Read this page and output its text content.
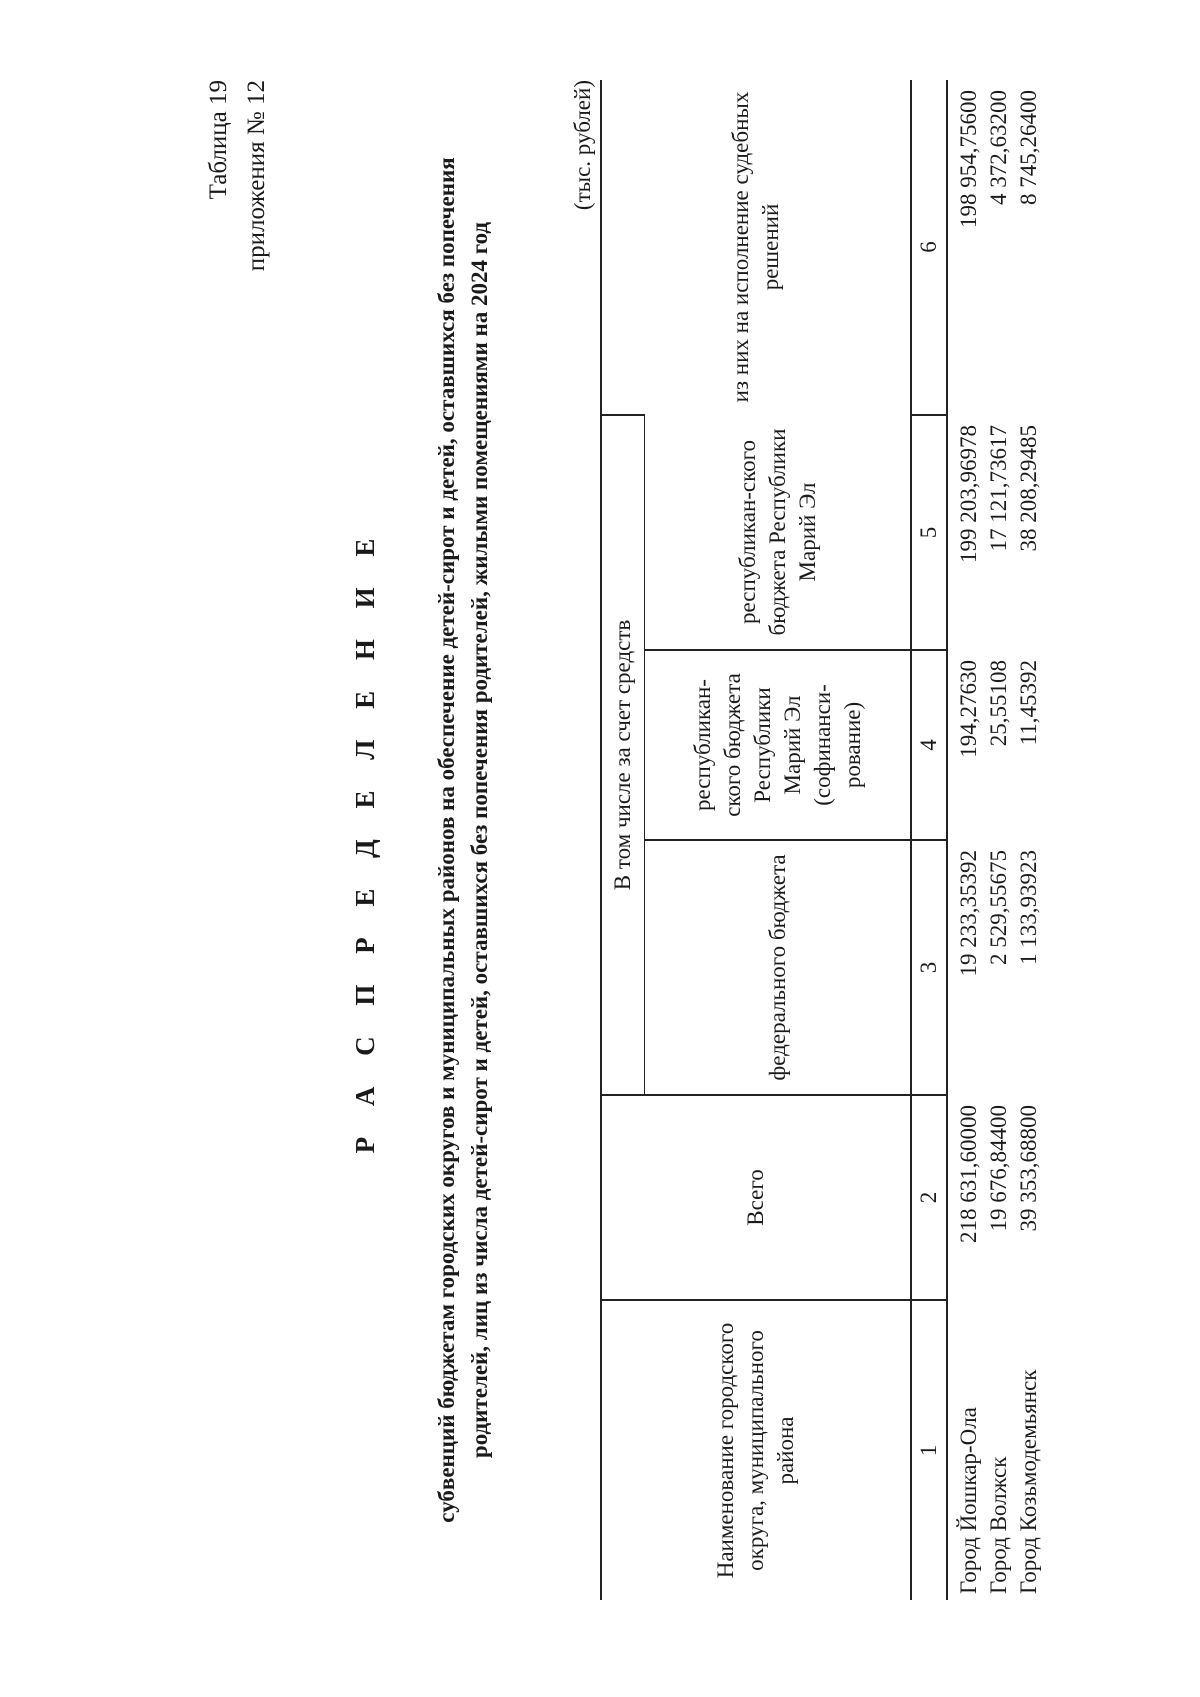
Таблица 19 приложения № 12
Р А С П Р Е Д Е Л Е Н И Е субвенций бюджетам городских округов и муниципальных районов на обеспечение детей-сирот и детей, оставшихся без попечения родителей, лиц из числа детей-сирот и детей, оставшихся без попечения родителей, жилыми помещениями на 2024 год
(тыс. рублей)
Наименование городского округа, муниципального района	Всего	В том числе за счет средств			из них на исполнение судебных решений
		федерального бюджета	республикан-ского бюджета Республики Марий Эл (софинанси-рование)	республикан-ского бюджета Республики Марий Эл	
1	2	3	4	5	6
Город Йошкар-Ола	218 631,60000	19 233,35392	194,27630	199 203,96978	198 954,75600
Город Волжск	19 676,84400	2 529,55675	25,55108	17 121,73617	4 372,63200
Город Козьмодемьянск	39 353,68800	1 133,93923	11,45392	38 208,29485	8 745,26400
